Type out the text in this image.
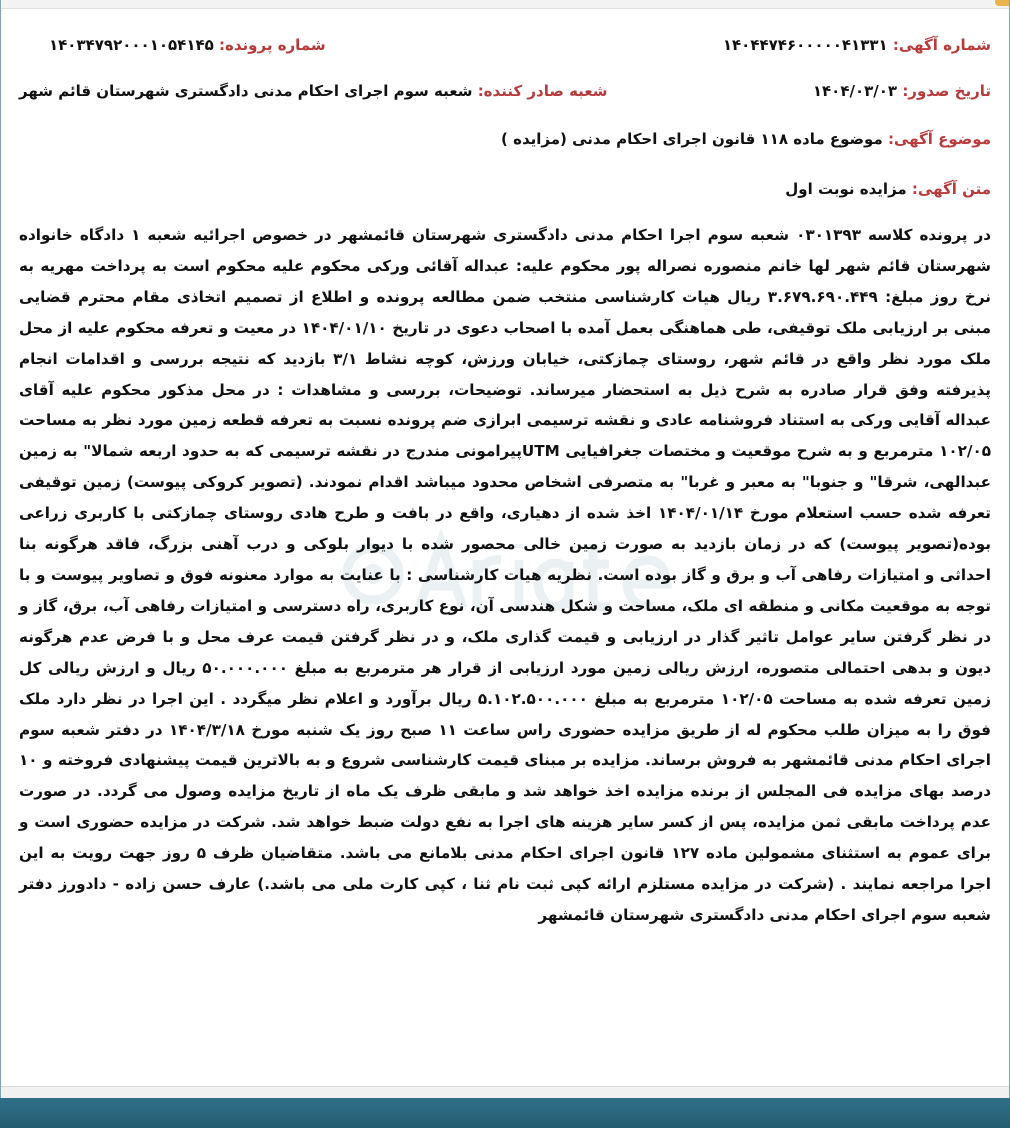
شماره آگهی: ۱۴۰۴۴۷۴۶۰۰۰۰۰۴۱۳۳۱
شماره پرونده: ۱۴۰۳۴۷۹۲۰۰۰۱۰۵۴۱۴۵
تاریخ صدور: ۱۴۰۴/۰۳/۰۳
شعبه صادر کننده: شعبه سوم اجرای احکام مدنی دادگستری شهرستان قائم شهر
موضوع آگهی: موضوع ماده ۱۱۸ قانون اجرای احکام مدنی (مزایده )
متن آگهی: مزایده نوبت اول
در پرونده کلاسه ۰۳۰۱۳۹۳ شعبه سوم اجرا احکام مدنی دادگستری شهرستان قائمشهر در خصوص اجرائیه شعبه ۱ دادگاه خانواده شهرستان قائم شهر لها خانم منصوره نصراله پور محکوم علیه: عبداله آقائی ورکی محکوم علیه محکوم است به پرداخت مهریه به نرخ روز مبلغ: ۳.۶۷۹.۶۹۰.۴۴۹ ریال هیات کارشناسی منتخب ضمن مطالعه پرونده و اطلاع از تصمیم اتخاذی مقام محترم قضایی مبنی بر ارزیابی ملک توقیفی، طی هماهنگی بعمل آمده با اصحاب دعوی در تاریخ ۱۴۰۴/۰۱/۱۰ در معیت و تعرفه محکوم علیه از محل ملک مورد نظر واقع در قائم شهر، روستای چمازکتی، خیابان ورزش، کوچه نشاط ۳/۱ بازدید که نتیجه بررسی و اقدامات انجام پذیرفته وفق قرار صادره به شرح ذیل به استحضار میرساند. توضیحات، بررسی و مشاهدات : در محل مذکور محکوم علیه آقای عبداله آقایی ورکی به استناد فروشنامه عادی و نقشه ترسیمی ابرازی ضم پرونده نسبت به تعرفه قطعه زمین مورد نظر به مساحت ۱۰۲/۰۵ مترمربع و به شرح موقعیت و مختصات جغرافیایی UTMپیرامونی مندرج در نقشه ترسیمی که به حدود اربعه شمالا" به زمین عبدالهی، شرقا" و جنوبا" به معبر و غربا" به متصرفی اشخاص محدود میباشد اقدام نمودند. (تصویر کروکی پیوست) زمین توقیفی تعرفه شده حسب استعلام مورخ ۱۴۰۴/۰۱/۱۴ اخذ شده از دهیاری، واقع در بافت و طرح هادی روستای چمازکتی با کاربری زراعی بوده(تصویر پیوست) که در زمان بازدید به صورت زمین خالی محصور شده با دیوار بلوکی و درب آهنی بزرگ، فاقد هرگونه بنا احداثی و امتیازات رفاهی آب و برق و گاز بوده است. نظریه هیات کارشناسی : با عنایت به موارد معنونه فوق و تصاویر پیوست و با توجه به موقعیت مکانی و منطقه ای ملک، مساحت و شکل هندسی آن، نوع کاربری، راه دسترسی و امتیازات رفاهی آب، برق، گاز و در نظر گرفتن سایر عوامل تاثیر گذار در ارزیابی و قیمت گذاری ملک، و در نظر گرفتن قیمت عرف محل و با فرض عدم هرگونه دیون و بدهی احتمالی متصوره، ارزش ریالی زمین مورد ارزیابی از قرار هر مترمربع به مبلغ ۵۰.۰۰۰.۰۰۰ ریال و ارزش ریالی کل زمین تعرفه شده به مساحت ۱۰۲/۰۵ مترمربع به مبلغ ۵.۱۰۲.۵۰۰.۰۰۰ ریال برآورد و اعلام نظر میگردد . این اجرا در نظر دارد ملک فوق را به میزان طلب محکوم له از طریق مزایده حضوری راس ساعت ۱۱ صبح روز یک شنبه مورخ ۱۴۰۴/۳/۱۸ در دفتر شعبه سوم اجرای احکام مدنی قائمشهر به فروش برساند. مزایده بر مبنای قیمت کارشناسی شروع و به بالاترین قیمت پیشنهادی فروخته و ۱۰ درصد بهای مزایده فی المجلس از برنده مزایده اخذ خواهد شد و مابقی ظرف یک ماه از تاریخ مزایده وصول می گردد. در صورت عدم پرداخت مابقی ثمن مزایده، پس از کسر سایر هزینه های اجرا به نفع دولت ضبط خواهد شد. شرکت در مزایده حضوری است و برای عموم به استثنای مشمولین ماده ۱۲۷ قانون اجرای احکام مدنی بلامانع می باشد. متقاضیان ظرف ۵ روز جهت رویت به این اجرا مراجعه نمایند . (شرکت در مزایده مستلزم ارائه کپی ثبت نام ثنا ، کپی کارت ملی می باشد.) عارف حسن زاده - دادورز دفتر شعبه سوم اجرای احکام مدنی دادگستری شهرستان قائمشهر
